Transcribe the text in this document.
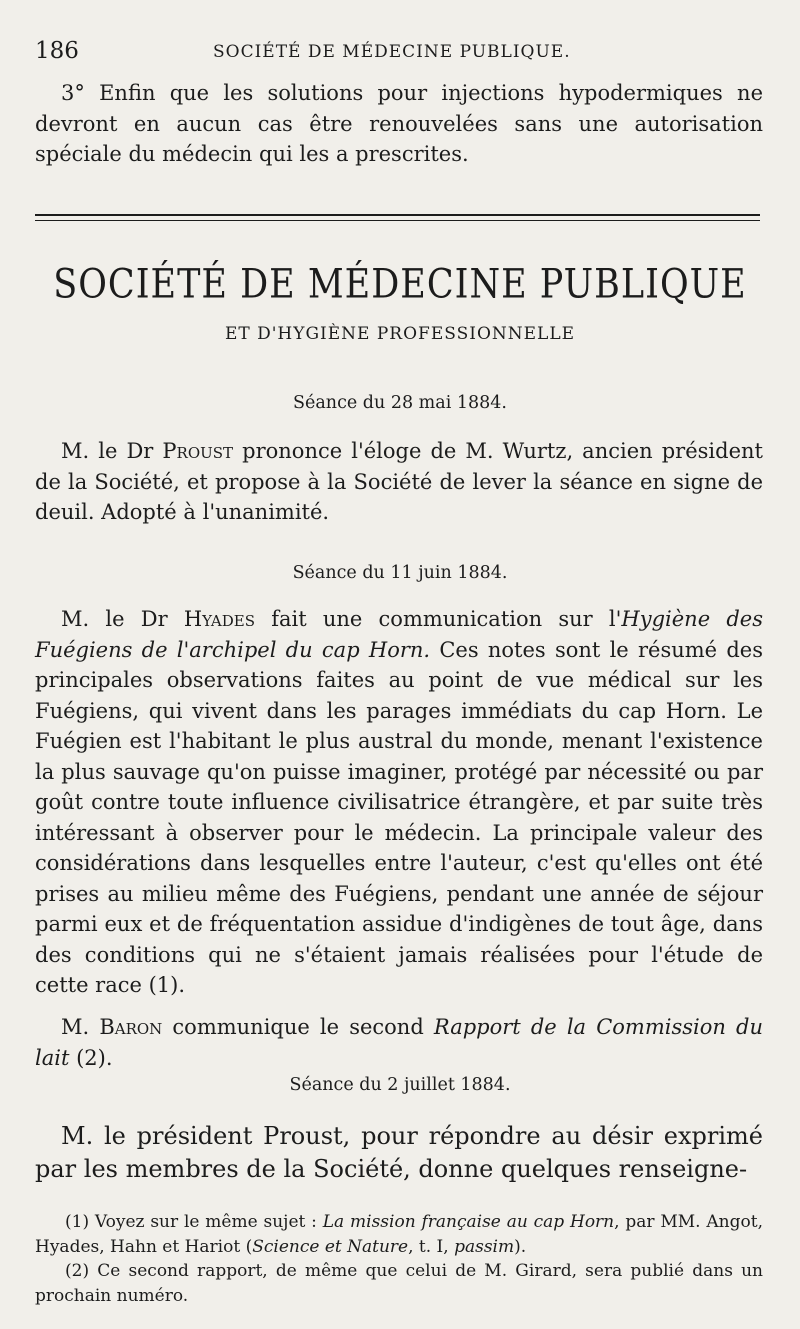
186	SOCIÉTÉ DE MÉDECINE PUBLIQUE.

3° Enfin que les solutions pour injections hypodermiques ne devront en aucun cas être renouvelées sans une autorisation spéciale du médecin qui les a prescrites.

SOCIÉTÉ DE MÉDECINE PUBLIQUE
ET D'HYGIÈNE PROFESSIONNELLE
Séance du 28 mai 1884.

M. le Dr Proust prononce l'éloge de M. Wurtz, ancien président de la Société, et propose à la Société de lever la séance en signe de deuil. Adopté à l'unanimité.

Séance du 11 juin 1884.

M. le Dr Hyades fait une communication sur l'Hygiène des Fuégiens de l'archipel du cap Horn. Ces notes sont le résumé des principales observations faites au point de vue médical sur les Fuégiens, qui vivent dans les parages immédiats du cap Horn. Le Fuégien est l'habitant le plus austral du monde, menant l'existence la plus sauvage qu'on puisse imaginer, protégé par nécessité ou par goût contre toute influence civilisatrice étrangère, et par suite très intéressant à observer pour le médecin. La principale valeur des considérations dans lesquelles entre l'auteur, c'est qu'elles ont été prises au milieu même des Fuégiens, pendant une année de séjour parmi eux et de fréquentation assidue d'indigènes de tout âge, dans des conditions qui ne s'étaient jamais réalisées pour l'étude de cette race (1).

M. Baron communique le second Rapport de la Commission du lait (2).

Séance du 2 juillet 1884.

M. le président Proust, pour répondre au désir exprimé par les membres de la Société, donne quelques renseigne-

(1) Voyez sur le même sujet : La mission française au cap Horn, par MM. Angot, Hyades, Hahn et Hariot (Science et Nature, t. I, passim).

(2) Ce second rapport, de même que celui de M. Girard, sera publié dans un prochain numéro.
